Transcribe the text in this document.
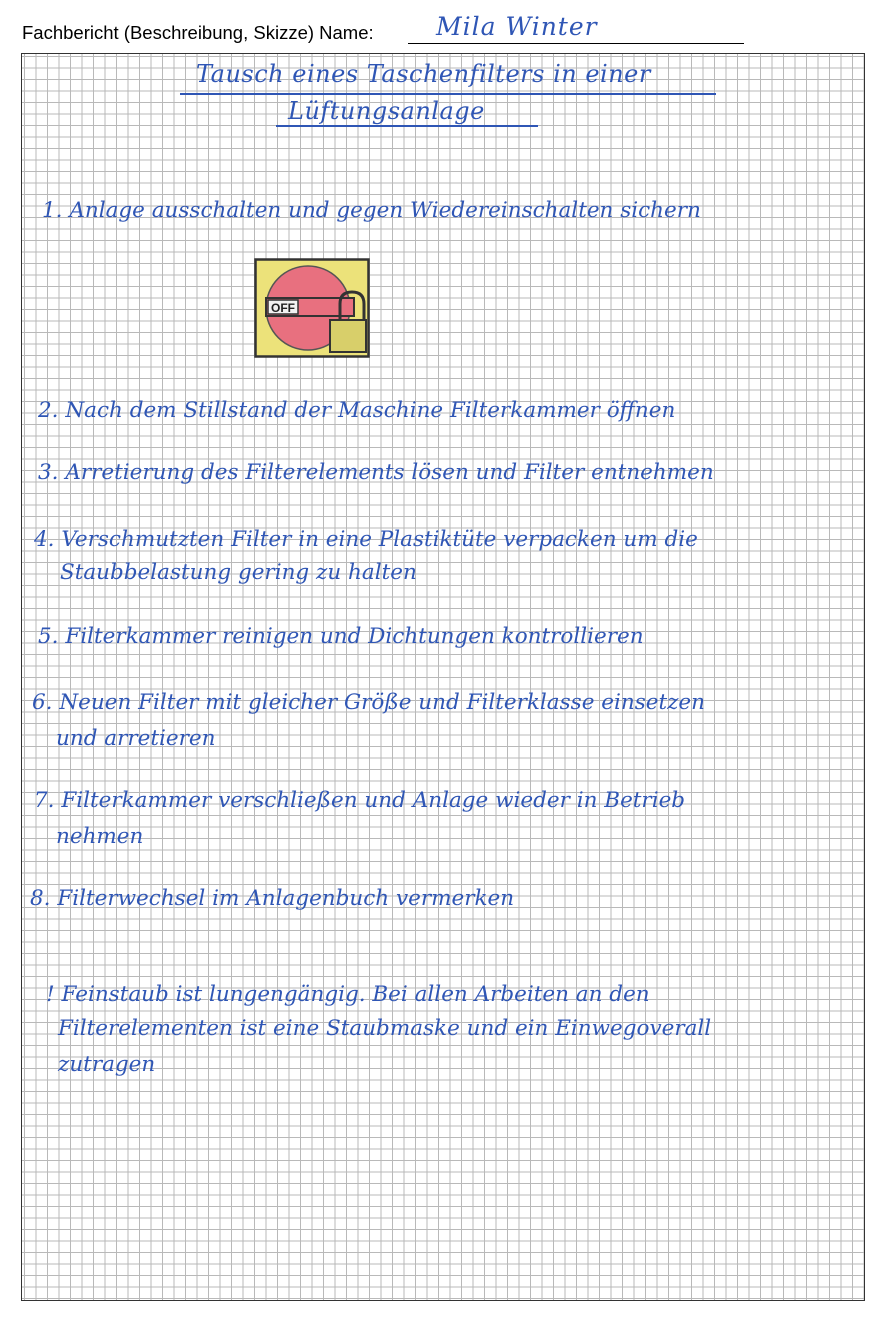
Fachbericht (Beschreibung, Skizze) Name: Mila Winter
Tausch eines Taschenfilters in einer
Lüftungsanlage
1. Anlage ausschalten und gegen Wiedereinschalten sichern
OFF
2. Nach dem Stillstand der Maschine Filterkammer öffnen
3. Arretierung des Filterelements lösen und Filter entnehmen
4. Verschmutzten Filter in eine Plastiktüte verpacken um die
Staubbelastung gering zu halten
5. Filterkammer reinigen und Dichtungen kontrollieren
6. Neuen Filter mit gleicher Größe und Filterklasse einsetzen
und arretieren
7. Filterkammer verschließen und Anlage wieder in Betrieb
nehmen
8. Filterwechsel im Anlagenbuch vermerken
! Feinstaub ist lungengängig. Bei allen Arbeiten an den
Filterelementen ist eine Staubmaske und ein Einwegoverall
zutragen
